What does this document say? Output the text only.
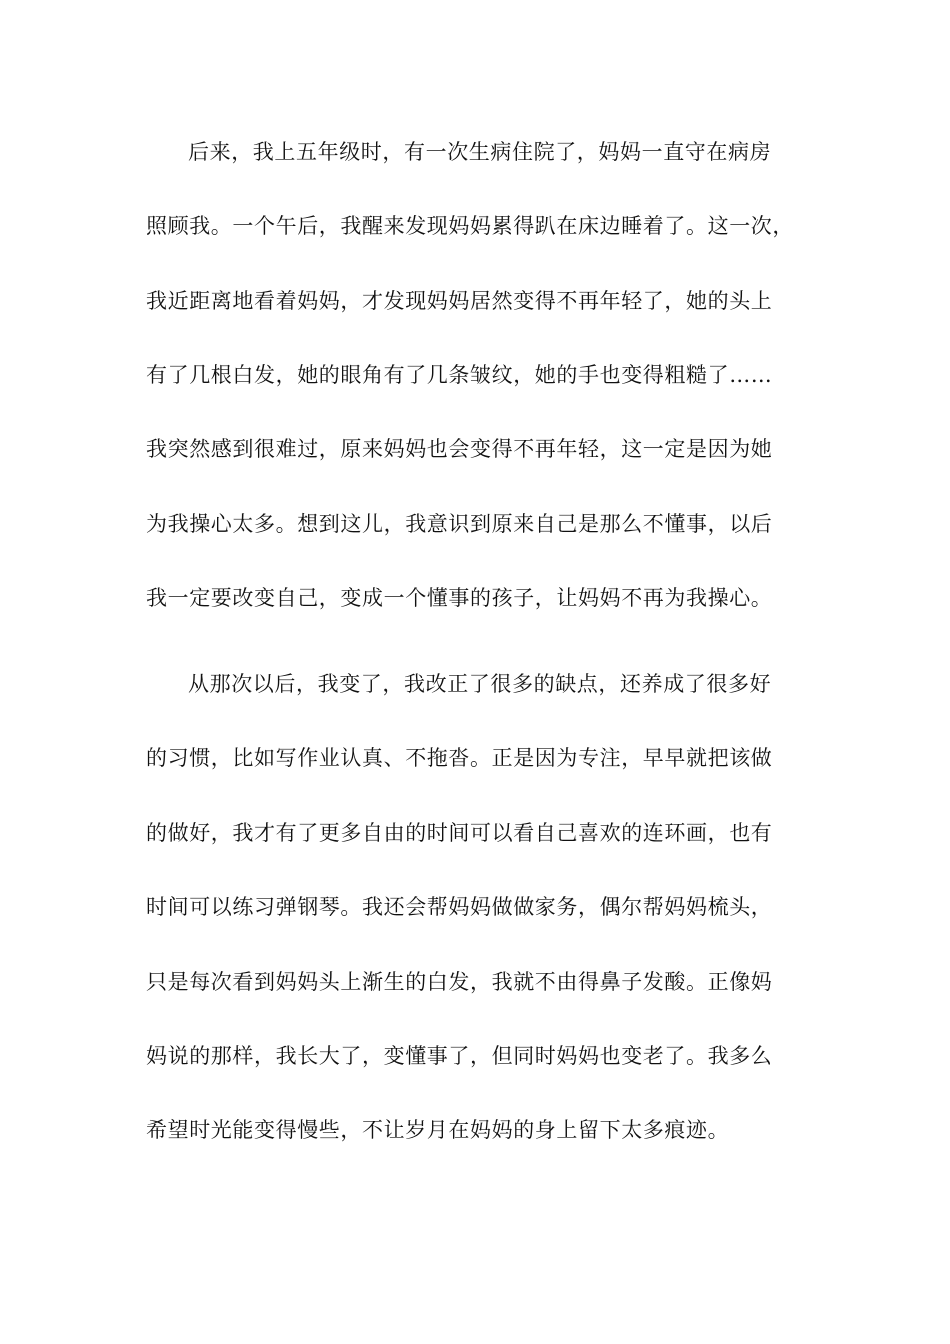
后来，我上五年级时，有一次生病住院了，妈妈一直守在病房

照顾我。一个午后，我醒来发现妈妈累得趴在床边睡着了。这一次，

我近距离地看着妈妈，才发现妈妈居然变得不再年轻了，她的头上

有了几根白发，她的眼角有了几条皱纹，她的手也变得粗糙了……

我突然感到很难过，原来妈妈也会变得不再年轻，这一定是因为她

为我操心太多。想到这儿，我意识到原来自己是那么不懂事，以后

我一定要改变自己，变成一个懂事的孩子，让妈妈不再为我操心。

从那次以后，我变了，我改正了很多的缺点，还养成了很多好

的习惯，比如写作业认真、不拖沓。正是因为专注，早早就把该做

的做好，我才有了更多自由的时间可以看自己喜欢的连环画，也有

时间可以练习弹钢琴。我还会帮妈妈做做家务，偶尔帮妈妈梳头，

只是每次看到妈妈头上渐生的白发，我就不由得鼻子发酸。正像妈

妈说的那样，我长大了，变懂事了，但同时妈妈也变老了。我多么

希望时光能变得慢些，不让岁月在妈妈的身上留下太多痕迹。
